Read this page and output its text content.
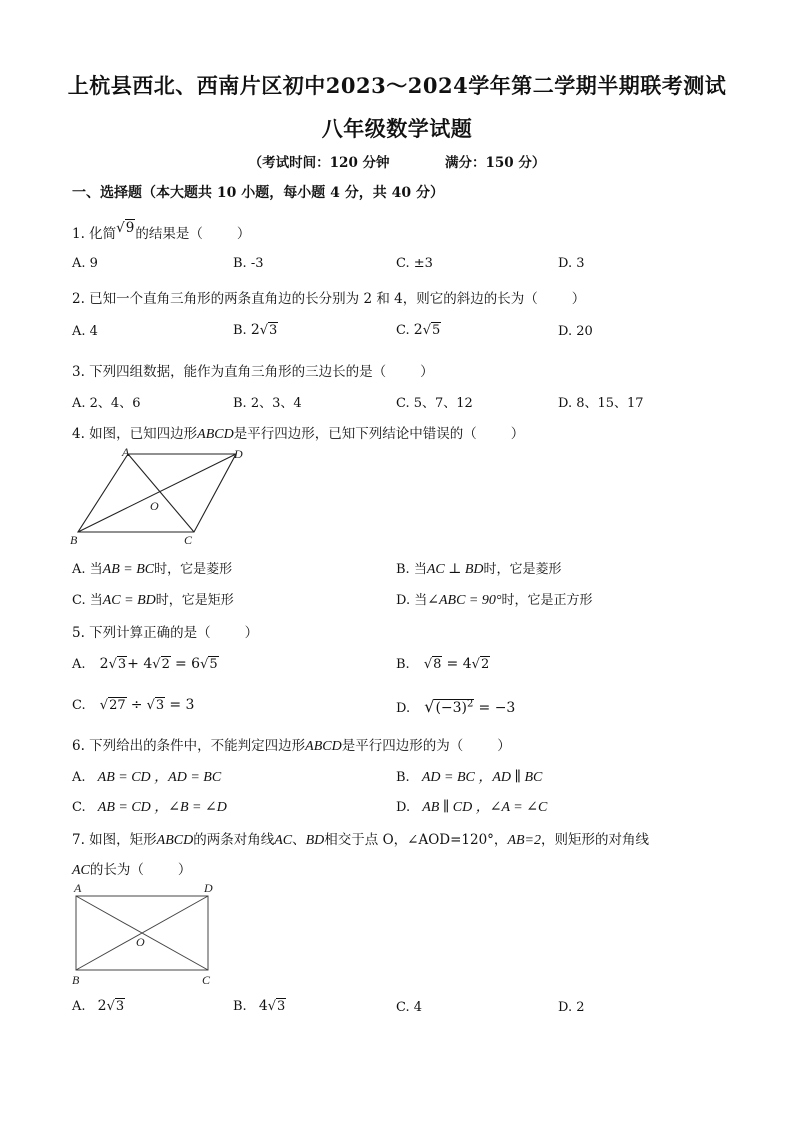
上杭县西北、西南片区初中2023～2024学年第二学期半期联考测试
八年级数学试题
（考试时间：120 分钟	满分：150 分）
一、选择题（本大题共 10 小题，每小题 4 分，共 40 分）
1. 化简√9的结果是（	）
A. 9	B. -3	C. ±3	D. 3
2. 已知一个直角三角形的两条直角边的长分别为 2 和 4，则它的斜边的长为（	）
A. 4	B. 2√3	C. 2√5	D. 20
3. 下列四组数据，能作为直角三角形的三边长的是（	）
A. 2、4、6	B. 2、3、4	C. 5、7、12	D. 8、15、17
4. 如图，已知四边形ABCD是平行四边形，已知下列结论中错误的（	）
A	D
B	C
O
A. 当AB = BC时，它是菱形	B. 当AC ⊥ BD时，它是菱形
C. 当AC = BD时，它是矩形	D. 当∠ABC = 90°时，它是正方形
5. 下列计算正确的是（	）
A. 2√3+ 4√2 = 6√5	B. √8 = 4√2
C. √27 ÷ √3 = 3	D. $√(-3)^2 = -3$
6. 下列给出的条件中，不能判定四边形ABCD是平行四边形的为（	）
A. AB = CD ，AD = BC	B. AD = BC ，AD ∥ BC
C. AB = CD ，∠B = ∠D	D. AB ∥ CD ，∠A = ∠C
7. 如图，矩形ABCD的两条对角线AC、BD相交于点 O，∠AOD=120°，AB=2，则矩形的对角线
AC的长为（	）
A	D
B	C
O
A. 2√3	B. 4√3	C. 4	D. 2
